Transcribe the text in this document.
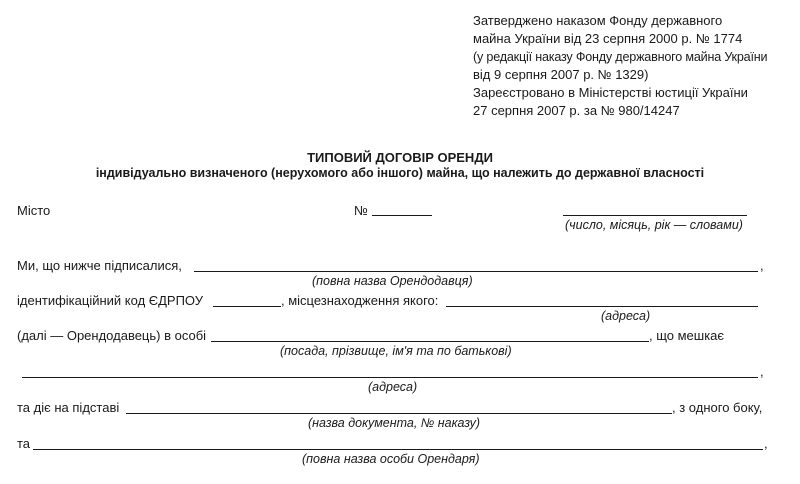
Затверджено наказом Фонду державного
майна України від 23 серпня 2000 р. № 1774
(у редакції наказу Фонду державного майна України
від 9 серпня 2007 р. № 1329)
Зареєстровано в Міністерстві юстиції України
27 серпня 2007 р. за № 980/14247
ТИПОВИЙ ДОГОВІР ОРЕНДИ
індивідуально визначеного (нерухомого або іншого) майна, що належить до державної власності
Місто	№
(число, місяць, рік — словами)
Ми, що нижче підписалися,	,
(повна назва Орендодавця)
ідентифікаційний код ЄДРПОУ	, місцезнаходження якого:
(адреса)
(далі — Орендодавець) в особі	, що мешкає
(посада, прізвище, ім'я та по батькові)
,
(адреса)
та діє на підставі	, з одного боку,
(назва документа, № наказу)
та	,
(повна назва особи Орендаря)
